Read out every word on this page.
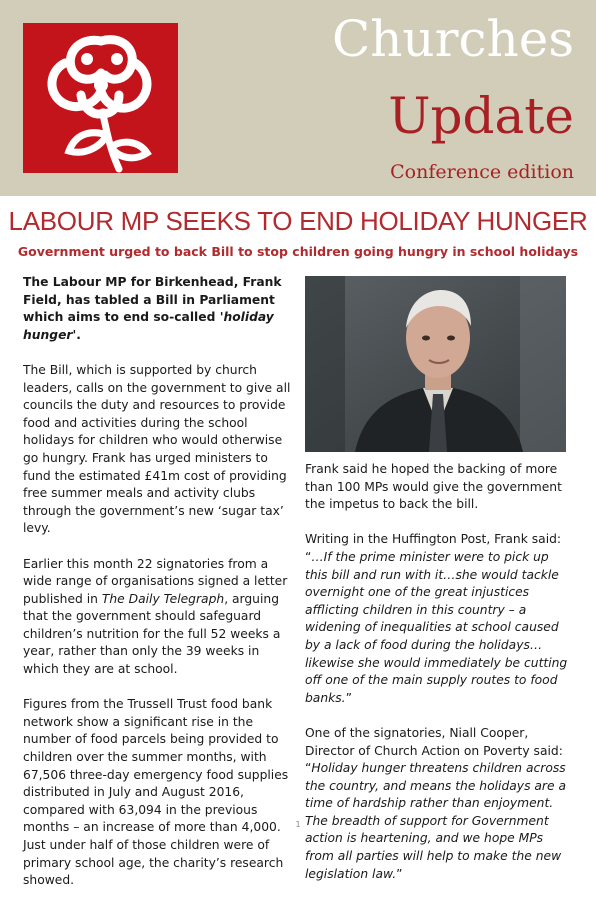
Churches
Update
Conference edition
LABOUR MP SEEKS TO END HOLIDAY HUNGER
Government urged to back Bill to stop children going hungry in school holidays

The Labour MP for Birkenhead, Frank Field, has tabled a Bill in Parliament which aims to end so-called 'holiday hunger'.

The Bill, which is supported by church leaders, calls on the government to give all councils the duty and resources to provide food and activities during the school holidays for children who would otherwise go hungry. Frank has urged ministers to fund the estimated £41m cost of providing free summer meals and activity clubs through the government’s new ‘sugar tax’ levy.

Earlier this month 22 signatories from a wide range of organisations signed a letter published in The Daily Telegraph, arguing that the government should safeguard children’s nutrition for the full 52 weeks a year, rather than only the 39 weeks in which they are at school.

Figures from the Trussell Trust food bank network show a significant rise in the number of food parcels being provided to children over the summer months, with 67,506 three-day emergency food supplies distributed in July and August 2016, compared with 63,094 in the previous months – an increase of more than 4,000. Just under half of those children were of primary school age, the charity’s research showed.

Frank said he hoped the backing of more than 100 MPs would give the government the impetus to back the bill.

Writing in the Huffington Post, Frank said: “…If the prime minister were to pick up this bill and run with it…she would tackle overnight one of the great injustices afflicting children in this country – a widening of inequalities at school caused by a lack of food during the holidays…likewise she would immediately be cutting off one of the main supply routes to food banks.”

One of the signatories, Niall Cooper, Director of Church Action on Poverty said: “Holiday hunger threatens children across the country, and means the holidays are a time of hardship rather than enjoyment. The breadth of support for Government action is heartening, and we hope MPs from all parties will help to make the new legislation law.”

1
